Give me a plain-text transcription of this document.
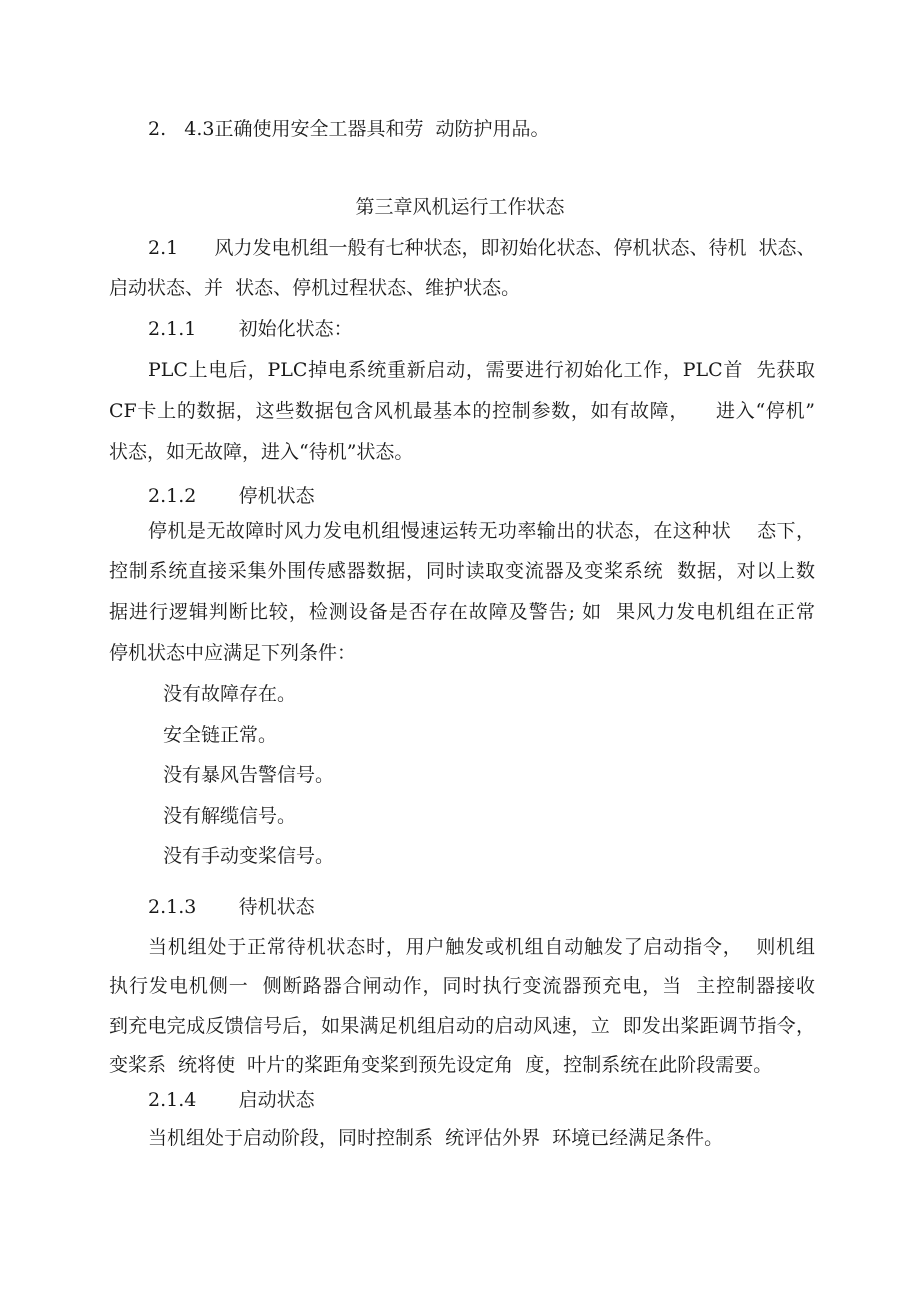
2.   4.3正确使用安全工器具和劳  动防护用品。

第三章风机运行工作状态

2.1      风力发电机组一般有七种状态，即初始化状态、停机状态、待机  状态、

启动状态、并  状态、停机过程状态、维护状态。

2.1.1       初始化状态：

PLC上电后，PLC掉电系统重新启动，需要进行初始化工作，PLC首  先获取

CF卡上的数据，这些数据包含风机最基本的控制参数，如有故障，    进入“停机”

状态，如无故障，进入“待机”状态。

2.1.2       停机状态

停机是无故障时风力发电机组慢速运转无功率输出的状态，在这种状    态下，

控制系统直接采集外围传感器数据，同时读取变流器及变桨系统  数据，对以上数

据进行逻辑判断比较，检测设备是否存在故障及警告; 如  果风力发电机组在正常

停机状态中应满足下列条件：

没有故障存在。

安全链正常。

没有暴风告警信号。

没有解缆信号。

没有手动变桨信号。

2.1.3       待机状态

当机组处于正常待机状态时，用户触发或机组自动触发了启动指令，  则机组

执行发电机侧一  侧断路器合闸动作，同时执行变流器预充电，当  主控制器接收

到充电完成反馈信号后，如果满足机组启动的启动风速，立  即发出桨距调节指令，

变桨系  统将使  叶片的桨距角变桨到预先设定角  度，控制系统在此阶段需要。

2.1.4       启动状态

当机组处于启动阶段，同时控制系  统评估外界  环境已经满足条件。
